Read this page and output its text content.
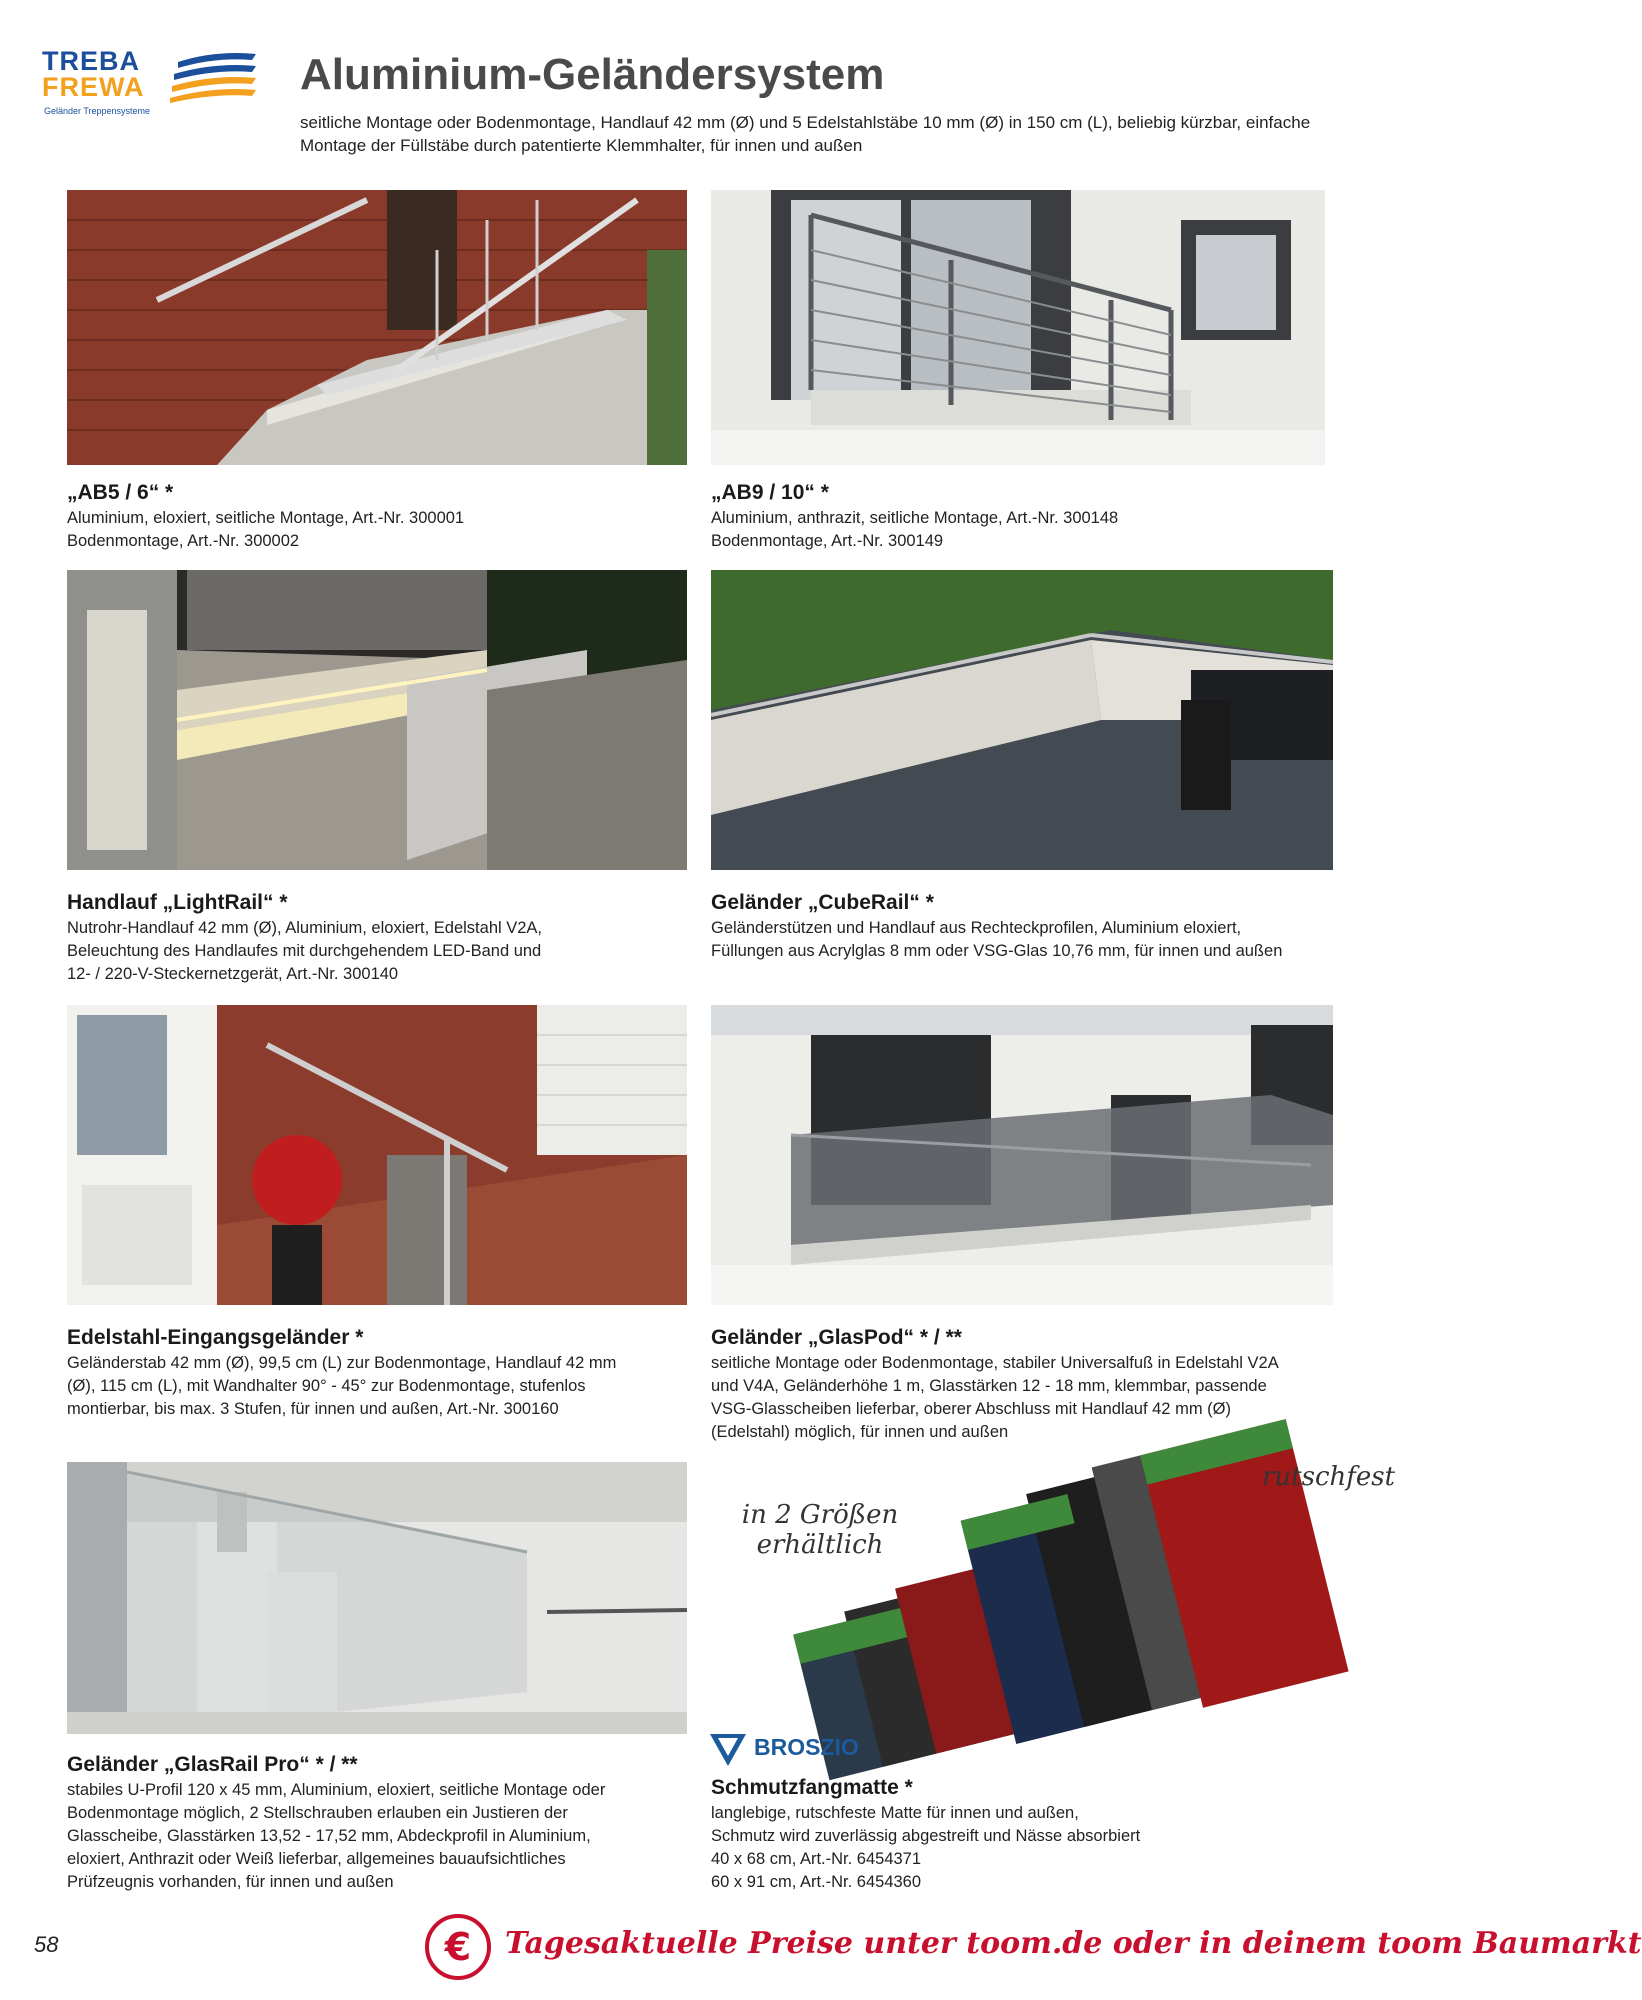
TREBA
FREWA
Geländer Treppensysteme
Aluminium-Geländersystem
seitliche Montage oder Bodenmontage, Handlauf 42 mm (Ø) und 5 Edelstahlstäbe 10 mm (Ø) in 150 cm (L), beliebig kürzbar, einfache Montage der Füllstäbe durch patentierte Klemmhalter, für innen und außen
„AB5 / 6“ *

Aluminium, eloxiert, seitliche Montage, Art.-Nr. 300001

Bodenmontage, Art.-Nr. 300002

„AB9 / 10“ *

Aluminium, anthrazit, seitliche Montage, Art.-Nr. 300148

Bodenmontage, Art.-Nr. 300149

Handlauf „LightRail“ *

Nutrohr-Handlauf 42 mm (Ø), Aluminium, eloxiert, Edelstahl V2A,

Beleuchtung des Handlaufes mit durchgehendem LED-Band und

12- / 220-V-Steckernetzgerät, Art.-Nr. 300140

Geländer „CubeRail“ *

Geländerstützen und Handlauf aus Rechteckprofilen, Aluminium eloxiert,

Füllungen aus Acrylglas 8 mm oder VSG-Glas 10,76 mm, für innen und außen

Edelstahl-Eingangsgeländer *

Geländerstab 42 mm (Ø), 99,5 cm (L) zur Bodenmontage, Handlauf 42 mm

(Ø), 115 cm (L), mit Wandhalter 90° - 45° zur Bodenmontage, stufenlos

montierbar, bis max. 3 Stufen, für innen und außen, Art.-Nr. 300160

Geländer „GlasPod“ * / **

seitliche Montage oder Bodenmontage, stabiler Universalfuß in Edelstahl V2A

und V4A, Geländerhöhe 1 m, Glasstärken 12 - 18 mm, klemmbar, passende

VSG-Glasscheiben lieferbar, oberer Abschluss mit Handlauf 42 mm (Ø)

(Edelstahl) möglich, für innen und außen

in 2 Größen
erhältlich
rutschfest
BROSZIO
Geländer „GlasRail Pro“ * / **

stabiles U-Profil 120 x 45 mm, Aluminium, eloxiert, seitliche Montage oder

Bodenmontage möglich, 2 Stellschrauben erlauben ein Justieren der

Glasscheibe, Glasstärken 13,52 - 17,52 mm, Abdeckprofil in Aluminium,

eloxiert, Anthrazit oder Weiß lieferbar, allgemeines bauaufsichtliches

Prüfzeugnis vorhanden, für innen und außen

Schmutzfangmatte *

langlebige, rutschfeste Matte für innen und außen,

Schmutz wird zuverlässig abgestreift und Nässe absorbiert

40 x 68 cm, Art.-Nr. 6454371

60 x 91 cm, Art.-Nr. 6454360

58	€	Tagesaktuelle Preise unter toom.de oder in deinem toom Baumarkt
